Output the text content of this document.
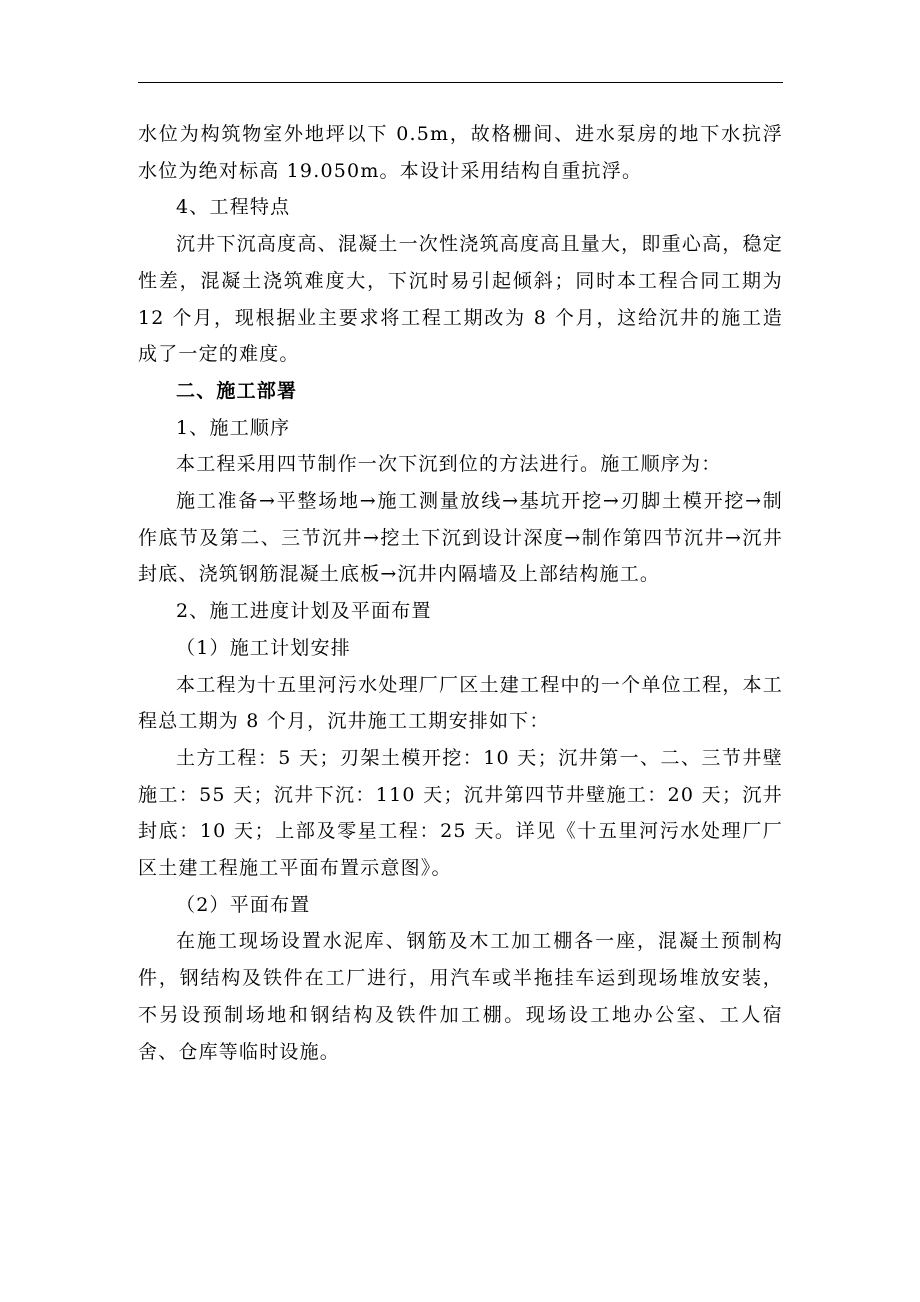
水位为构筑物室外地坪以下 0.5m，故格栅间、进水泵房的地下水抗浮水位为绝对标高 19.050m。本设计采用结构自重抗浮。

4、工程特点

沉井下沉高度高、混凝土一次性浇筑高度高且量大，即重心高，稳定性差，混凝土浇筑难度大，下沉时易引起倾斜；同时本工程合同工期为 12 个月，现根据业主要求将工程工期改为 8 个月，这给沉井的施工造成了一定的难度。

二、施工部署

1、施工顺序

本工程采用四节制作一次下沉到位的方法进行。施工顺序为：

施工准备→平整场地→施工测量放线→基坑开挖→刃脚土模开挖→制作底节及第二、三节沉井→挖土下沉到设计深度→制作第四节沉井→沉井封底、浇筑钢筋混凝土底板→沉井内隔墙及上部结构施工。

2、施工进度计划及平面布置

（1）施工计划安排

本工程为十五里河污水处理厂厂区土建工程中的一个单位工程，本工程总工期为 8 个月，沉井施工工期安排如下：

土方工程：5 天；刃架土模开挖：10 天；沉井第一、二、三节井壁施工：55 天；沉井下沉：110 天；沉井第四节井壁施工：20 天；沉井封底：10 天；上部及零星工程：25 天。详见《十五里河污水处理厂厂区土建工程施工平面布置示意图》。

（2）平面布置

在施工现场设置水泥库、钢筋及木工加工棚各一座，混凝土预制构件，钢结构及铁件在工厂进行，用汽车或半拖挂车运到现场堆放安装，不另设预制场地和钢结构及铁件加工棚。现场设工地办公室、工人宿舍、仓库等临时设施。
